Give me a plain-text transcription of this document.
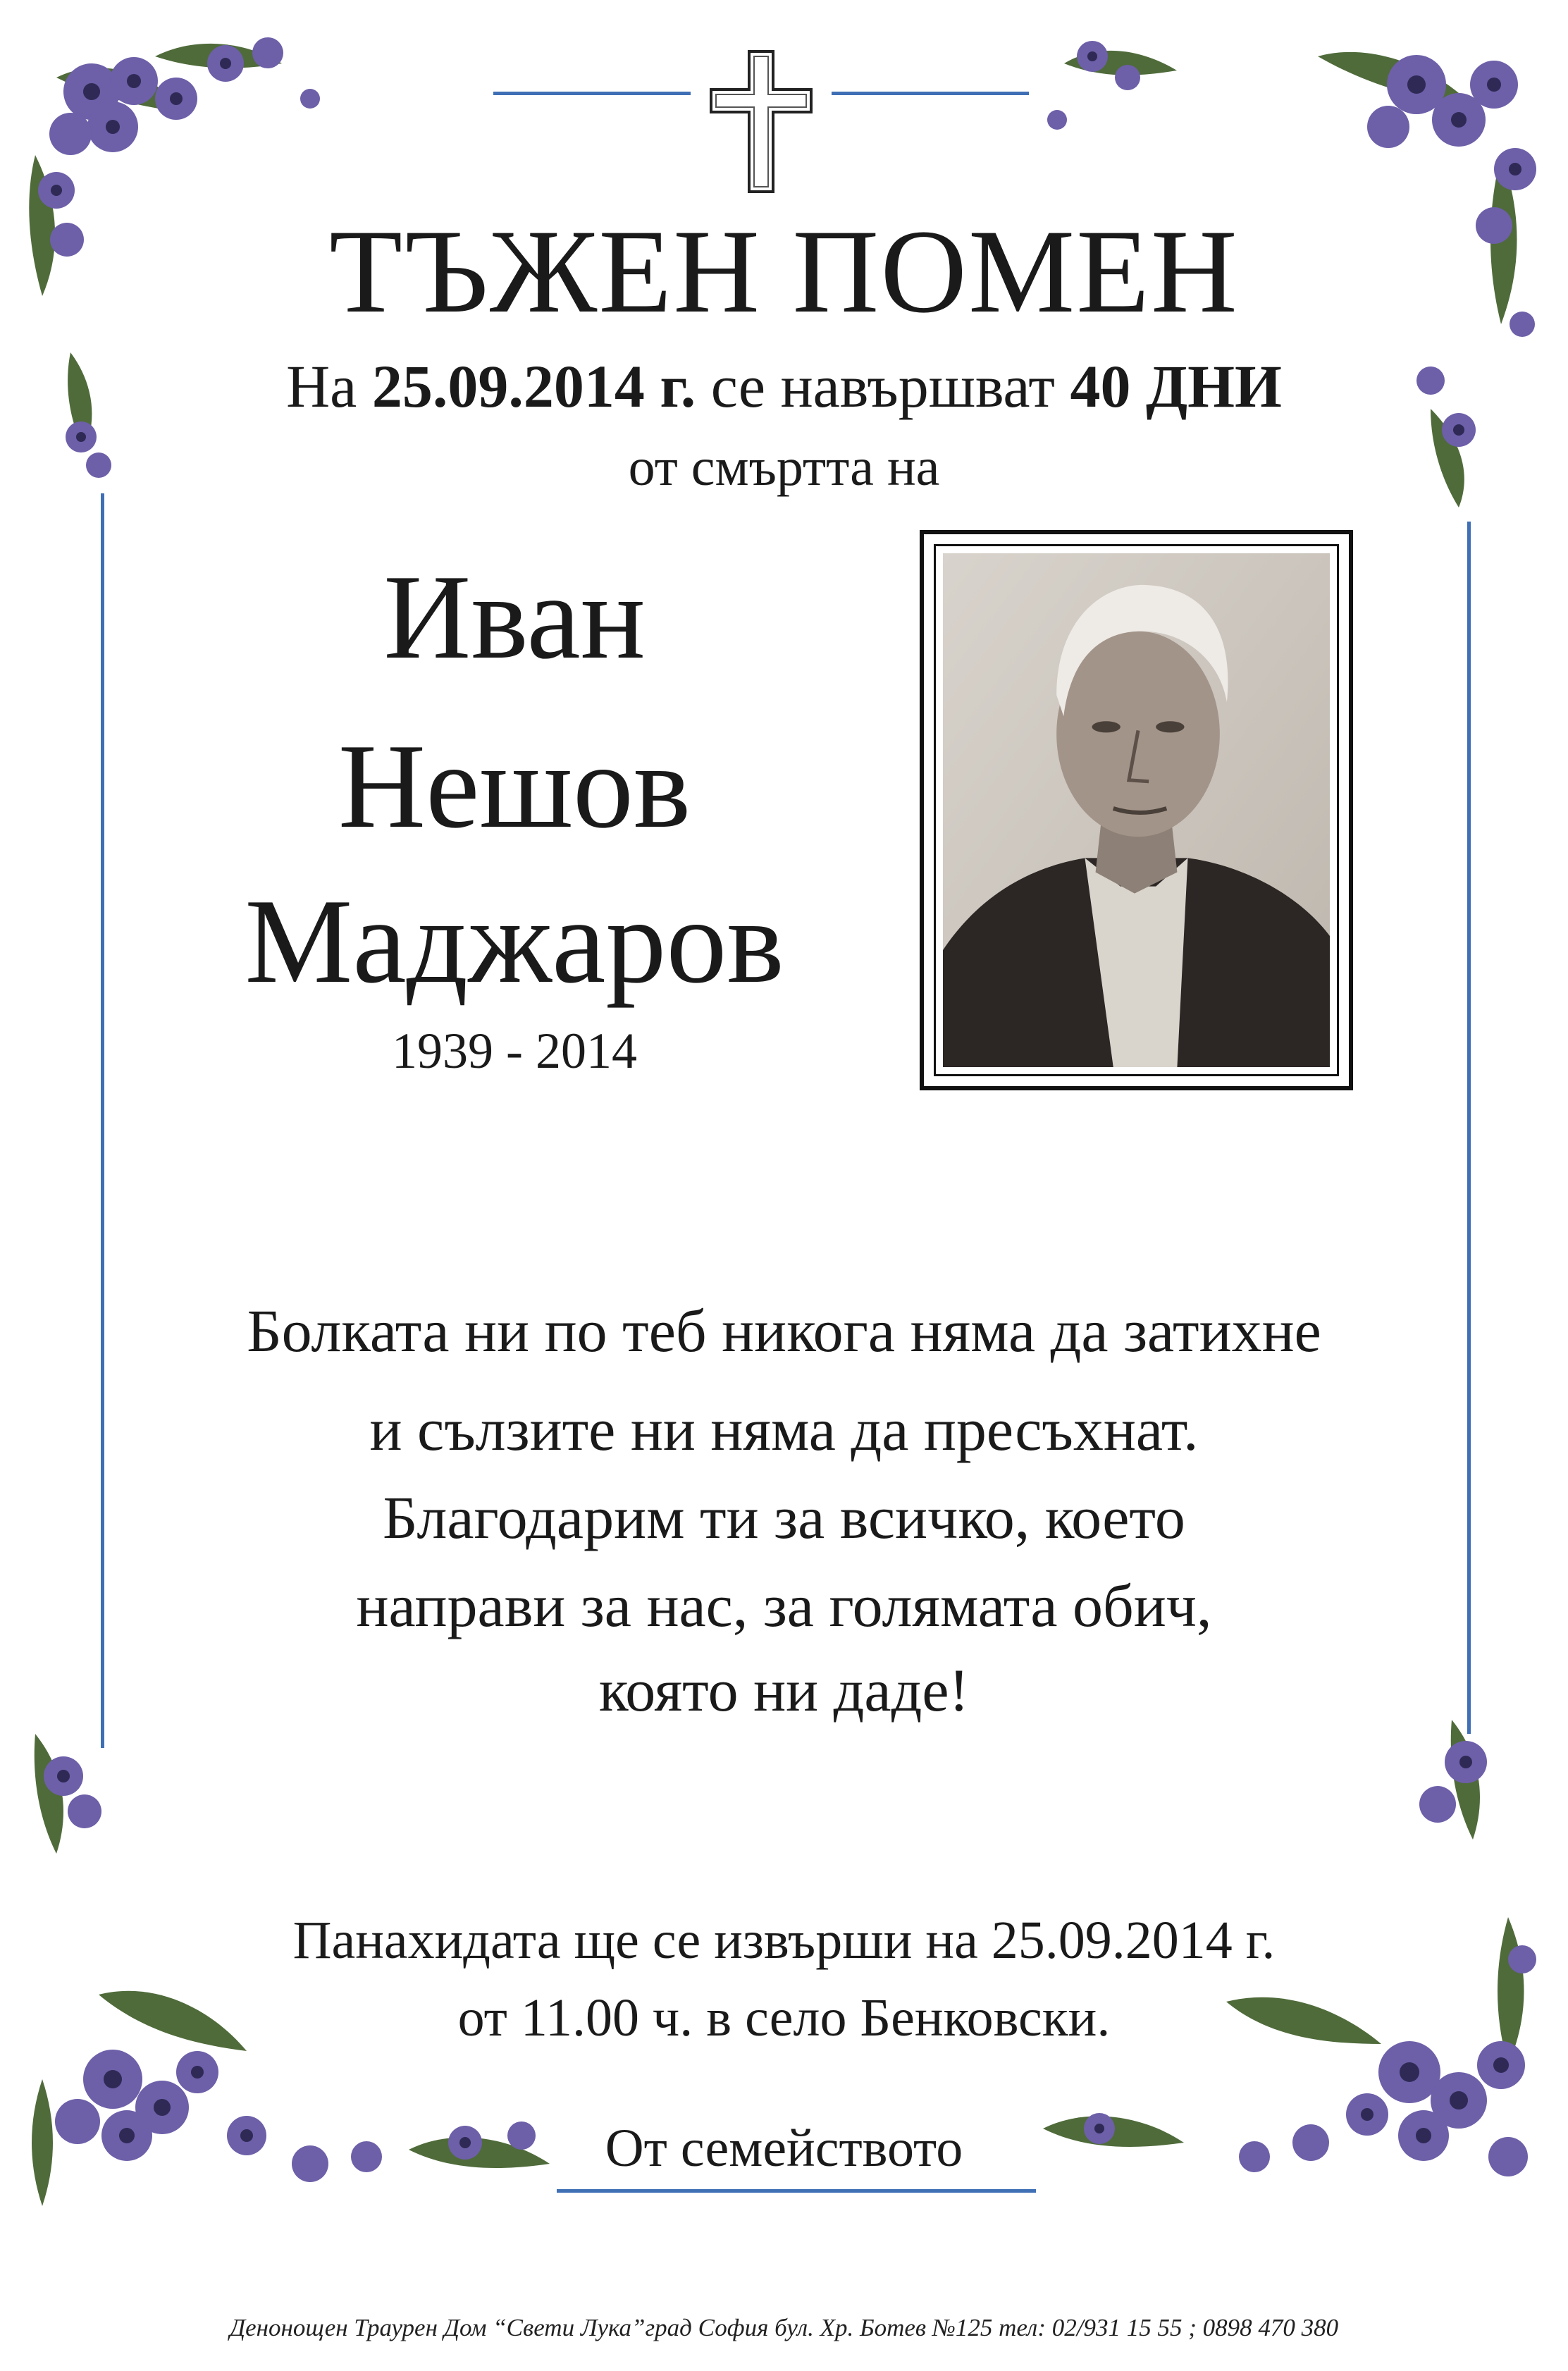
ТЪЖЕН ПОМЕН
На 25.09.2014 г. се навършват 40 ДНИ
от смъртта на
Иван
Нешов
Маджаров
1939 - 2014
Болката ни по теб никога няма да затихне
и сълзите ни няма да пресъхнат.
Благодарим ти за всичко, което
направи за нас, за голямата обич,
която ни даде!
Панахидата ще се извърши на 25.09.2014 г.
от 11.00 ч. в село Бенковски.
От семейството
Денонощен Траурен Дом “Свети Лука”град София бул. Хр. Ботев №125 тел: 02/931 15 55 ; 0898 470 380
